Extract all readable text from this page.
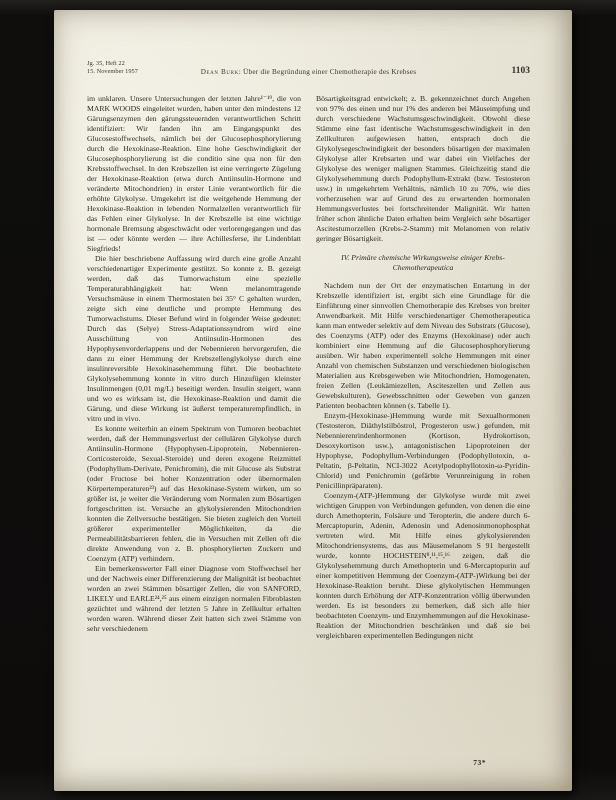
Jg. 35, Heft 22
15. November 1957	Dean Burk: Über die Begründung einer Chemotherapie des Krebses	1103

im unklaren. Unsere Untersuchungen der letzten Jahre¹⁻¹⁹, die von MARK WOODS eingeleitet wurden, haben unter den mindestens 12 Gärungsenzymen den gärungssteuernden verantwortlichen Schritt identifiziert: Wir fanden ihn am Eingangspunkt des Glucosestoffwechsels, nämlich bei der Glucosephosphorylierung durch die Hexokinase-Reaktion. Eine hohe Geschwindigkeit der Glucosephosphorylierung ist die conditio sine qua non für den Krebsstoffwechsel. In den Krebszellen ist eine verringerte Zügelung der Hexokinase-Reaktion (etwa durch Antiinsulin-Hormone und veränderte Mitochondrien) in erster Linie verantwortlich für die erhöhte Glykolyse. Umgekehrt ist die weitgehende Hemmung der Hexokinase-Reaktion in lebenden Normalzellen verantwortlich für das Fehlen einer Glykolyse. In der Krebszelle ist eine wichtige hormonale Bremsung abgeschwächt oder verlorengegangen und das ist — oder könnte werden — ihre Achillesferse, ihr Lindenblatt Siegfrieds!

Die hier beschriebene Auffassung wird durch eine große Anzahl verschiedenartiger Experimente gestützt. So konnte z. B. gezeigt werden, daß das Tumorwachstum eine spezielle Temperaturabhängigkeit hat: Wenn melanomtragende Versuchsmäuse in einem Thermostaten bei 35° C gehalten wurden, zeigte sich eine deutliche und prompte Hemmung des Tumorwachstums. Dieser Befund wird in folgender Weise gedeutet: Durch das (Selye) Stress-Adaptationssyndrom wird eine Ausschüttung von Antiinsulin-Hormonen des Hypophysenvorderlappens und der Nebennieren hervorgerufen, die dann zu einer Hemmung der Krebszellenglykolyse durch eine insulinreversible Hexokinasehemmung führt. Die beobachtete Glykolysehemmung konnte in vitro durch Hinzufügen kleinster Insulinmengen (0,01 mg/L) beseitigt werden. Insulin steigert, wann und wo es wirksam ist, die Hexokinase-Reaktion und damit die Gärung, und diese Wirkung ist äußerst temperaturempfindlich, in vitro und in vivo.

Es konnte weiterhin an einem Spektrum von Tumoren beobachtet werden, daß der Hemmungsverlust der cellulären Glykolyse durch Antiinsulin-Hormone (Hypophysen-Lipoprotein, Nebennieren-Corticosteroide, Sexual-Steroide) und deren exogene Reizmittel (Podophyllum-Derivate, Penichromin), die mit Glucose als Substrat (oder Fructose bei hoher Konzentration oder übernormalen Körpertemperaturen²³) auf das Hexokinase-System wirken, um so größer ist, je weiter die Veränderung vom Normalen zum Bösartigen fortgeschritten ist. Versuche an glykolysierenden Mitochondrien konnten die Zellversuche bestätigen. Sie bieten zugleich den Vorteil größerer experimenteller Möglichkeiten, da die Permeabilitätsbarrieren fehlen, die in Versuchen mit Zellen oft die direkte Anwendung von z. B. phosphorylierten Zuckern und Coenzym (ATP) verhindern.

Ein bemerkenswerter Fall einer Diagnose vom Stoffwechsel her und der Nachweis einer Differenzierung der Malignität ist beobachtet worden an zwei Stämmen bösartiger Zellen, die von SANFORD, LIKELY und EARLE²⁴,²⁵ aus einem einzigen normalen Fibroblasten gezüchtet und während der letzten 5 Jahre in Zellkultur erhalten worden waren. Während dieser Zeit hatten sich zwei Stämme von sehr verschiedenem

Bösartigkeitsgrad entwickelt; z. B. gekennzeichnet durch Angehen von 97% des einen und nur 1% des anderen bei Mäuseimpfung und durch verschiedene Wachstumsgeschwindigkeit. Obwohl diese Stämme eine fast identische Wachstumsgeschwindigkeit in den Zellkulturen aufgewiesen hatten, entsprach doch die Glykolysegeschwindigkeit der besonders bösartigen der maximalen Glykolyse aller Krebsarten und war dabei ein Vielfaches der Glykolyse des weniger malignen Stammes. Gleichzeitig stand die Glykolysehemmung durch Podophyllum-Extrakt (bzw. Testosteron usw.) in umgekehrtem Verhältnis, nämlich 10 zu 70%, wie dies vorherzusehen war auf Grund des zu erwartenden hormonalen Hemmungsverlustes bei fortschreitender Malignität. Wir hatten früher schon ähnliche Daten erhalten beim Vergleich sehr bösartiger Ascitestumorzellen (Krebs-2-Stamm) mit Melanomen von relativ geringer Bösartigkeit.

IV. Primäre chemische Wirkungsweise einiger Krebs-Chemotherapeutica

Nachdem nun der Ort der enzymatischen Entartung in der Krebszelle identifiziert ist, ergibt sich eine Grundlage für die Einführung einer sinnvollen Chemotherapie des Krebses von breiter Anwendbarkeit. Mit Hilfe verschiedenartiger Chemotherapeutica kann man entweder selektiv auf dem Niveau des Substrats (Glucose), des Coenzyms (ATP) oder des Enzyms (Hexokinase) oder auch kombiniert eine Hemmung auf die Glucosephosphorylierung ausüben. Wir haben experimentell solche Hemmungen mit einer Anzahl von chemischen Substanzen und verschiedenen biologischen Materialien aus Krebsgeweben wie Mitochondrien, Homogenaten, freien Zellen (Leukämiezellen, Asciteszellen und Zellen aus Gewebskulturen), Gewebsschnitten oder Geweben von ganzen Patienten beobachten können (s. Tabelle 1).

Enzym-(Hexokinase-)Hemmung wurde mit Sexualhormonen (Testosteron, Diäthylstilböstrol, Progesteron usw.) gefunden, mit Nebennierenrindenhormonen (Kortison, Hydrokortison, Desoxykortison usw.), antagonistischen Lipoproteinen der Hypophyse, Podophyllum-Verbindungen (Podophyllotoxin, α-Peltatin, β-Peltatin, NCI-3022 Acetylpodophyllotoxin-ω-Pyridin-Chlorid) und Penichromin (gefärbte Verunreinigung in rohen Penicillinpräparaten).

Coenzym-(ATP-)Hemmung der Glykolyse wurde mit zwei wichtigen Gruppen von Verbindungen gefunden, von denen die eine durch Amethopterin, Folsäure und Teropterin, die andere durch 6-Mercaptopurin, Adenin, Adenosin und Adenosinmonophosphat vertreten wird. Mit Hilfe eines glykolysierenden Mitochondriensystems, das aus Mäusemelanom S 91 hergestellt wurde, konnte HOCHSTEIN⁸,¹¹,¹⁵,¹⁶ zeigen, daß die Glykolysehemmung durch Amethopterin und 6-Mercaptopurin auf einer kompetitiven Hemmung der Coenzym-(ATP-)Wirkung bei der Hexokinase-Reaktion beruht. Diese glykolytischen Hemmungen konnten durch Erhöhung der ATP-Konzentration völlig überwunden werden. Es ist besonders zu bemerken, daß sich alle hier beobachteten Coenzym- und Enzymhemmungen auf die Hexokinase-Reaktion der Mitochondrien beschränken und daß sie bei vergleichbaren experimentellen Bedingungen nicht

73*
